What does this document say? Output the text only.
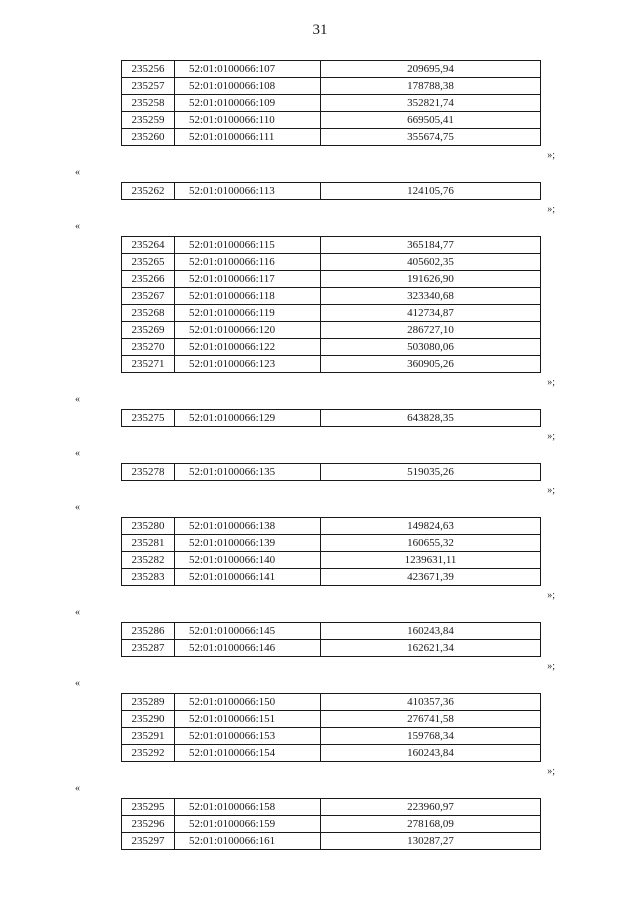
31
235256	52:01:0100066:107	209695,94
235257	52:01:0100066:108	178788,38
235258	52:01:0100066:109	352821,74
235259	52:01:0100066:110	669505,41
235260	52:01:0100066:111	355674,75
»;
«
235262	52:01:0100066:113	124105,76
»;
«
235264	52:01:0100066:115	365184,77
235265	52:01:0100066:116	405602,35
235266	52:01:0100066:117	191626,90
235267	52:01:0100066:118	323340,68
235268	52:01:0100066:119	412734,87
235269	52:01:0100066:120	286727,10
235270	52:01:0100066:122	503080,06
235271	52:01:0100066:123	360905,26
»;
«
235275	52:01:0100066:129	643828,35
»;
«
235278	52:01:0100066:135	519035,26
»;
«
235280	52:01:0100066:138	149824,63
235281	52:01:0100066:139	160655,32
235282	52:01:0100066:140	1239631,11
235283	52:01:0100066:141	423671,39
»;
«
235286	52:01:0100066:145	160243,84
235287	52:01:0100066:146	162621,34
»;
«
235289	52:01:0100066:150	410357,36
235290	52:01:0100066:151	276741,58
235291	52:01:0100066:153	159768,34
235292	52:01:0100066:154	160243,84
»;
«
235295	52:01:0100066:158	223960,97
235296	52:01:0100066:159	278168,09
235297	52:01:0100066:161	130287,27
